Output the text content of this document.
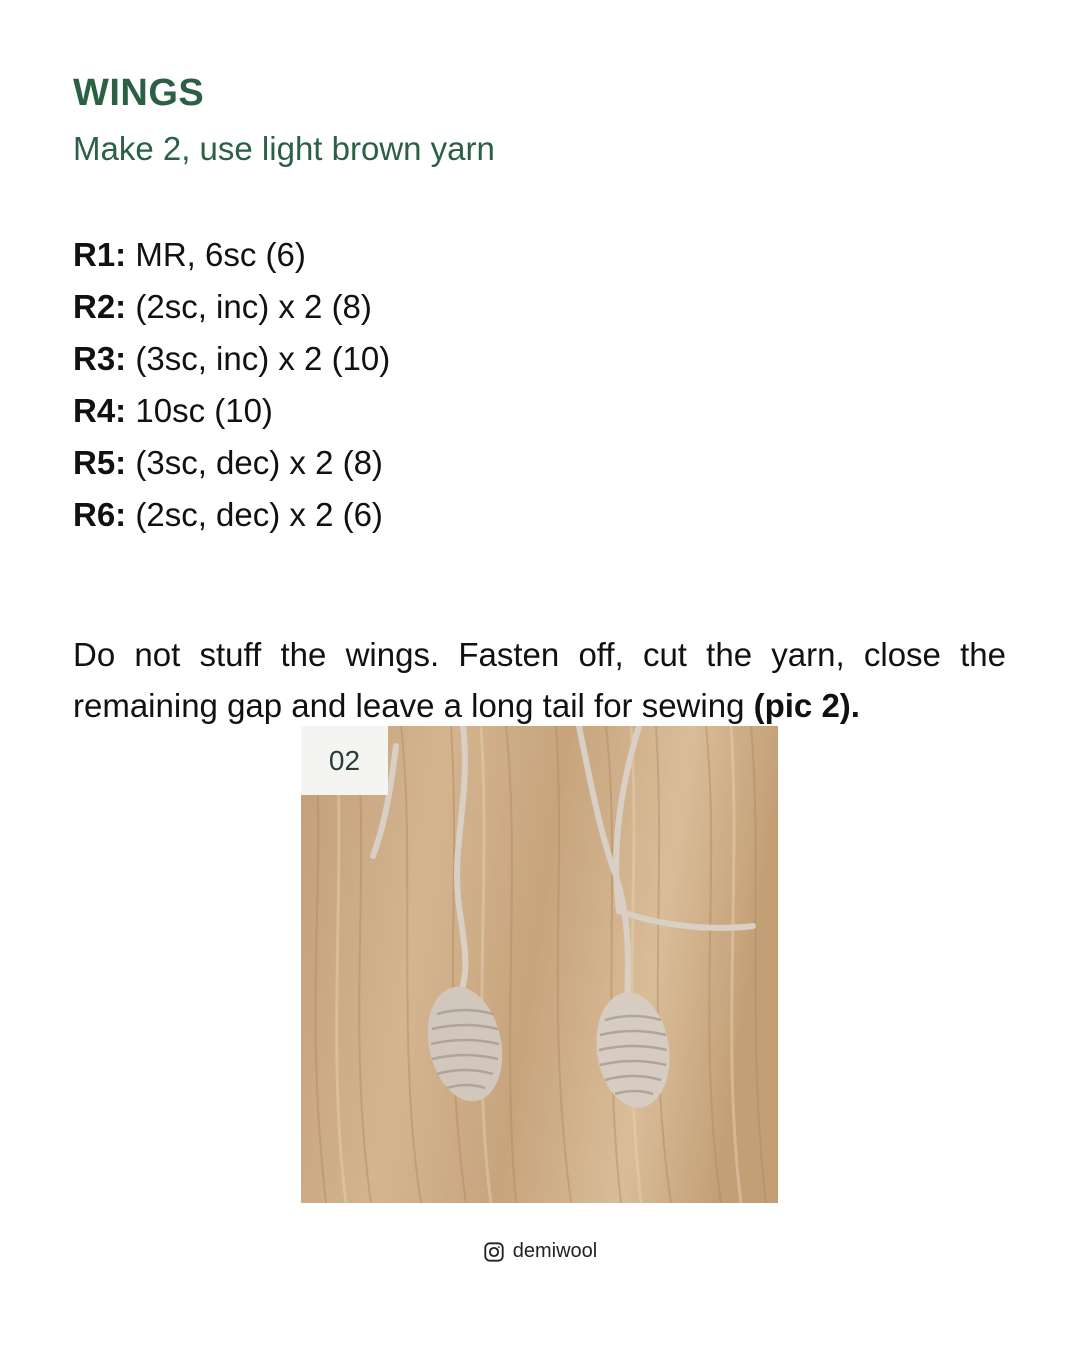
WINGS
Make 2, use light brown yarn
R1: MR, 6sc (6)
R2: (2sc, inc) x 2 (8)
R3: (3sc, inc) x 2 (10)
R4: 10sc (10)
R5: (3sc, dec) x 2 (8)
R6: (2sc, dec) x 2 (6)

Do not stuff the wings. Fasten off, cut the yarn, close the remaining gap and leave a long tail for sewing (pic 2).

02
demiwool
